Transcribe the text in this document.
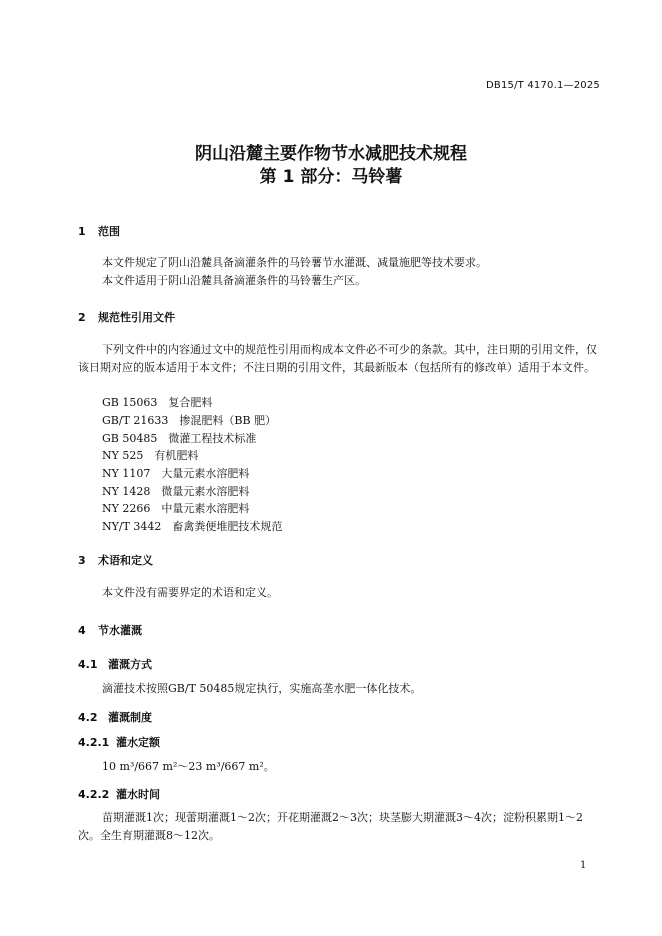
DB15/T 4170.1—2025
阴山沿麓主要作物节水减肥技术规程
第 1 部分：马铃薯
1 范围
本文件规定了阴山沿麓具备滴灌条件的马铃薯节水灌溉、减量施肥等技术要求。
本文件适用于阴山沿麓具备滴灌条件的马铃薯生产区。
2 规范性引用文件
下列文件中的内容通过文中的规范性引用而构成本文件必不可少的条款。其中，注日期的引用文件，仅该日期对应的版本适用于本文件；不注日期的引用文件，其最新版本（包括所有的修改单）适用于本文件。
GB 15063　复合肥料
GB/T 21633　掺混肥料（BB 肥）
GB 50485　微灌工程技术标准
NY 525　有机肥料
NY 1107　大量元素水溶肥料
NY 1428　微量元素水溶肥料
NY 2266　中量元素水溶肥料
NY/T 3442　畜禽粪便堆肥技术规范
3 术语和定义
本文件没有需要界定的术语和定义。
4 节水灌溉
4.1 灌溉方式
滴灌技术按照GB/T 50485规定执行，实施高垄水肥一体化技术。
4.2 灌溉制度
4.2.1 灌水定额
10 m³/667 m²～23 m³/667 m²。
4.2.2 灌水时间
苗期灌溉1次；现蕾期灌溉1～2次；开花期灌溉2～3次；块茎膨大期灌溉3～4次；淀粉积累期1～2次。全生育期灌溉8～12次。
1
